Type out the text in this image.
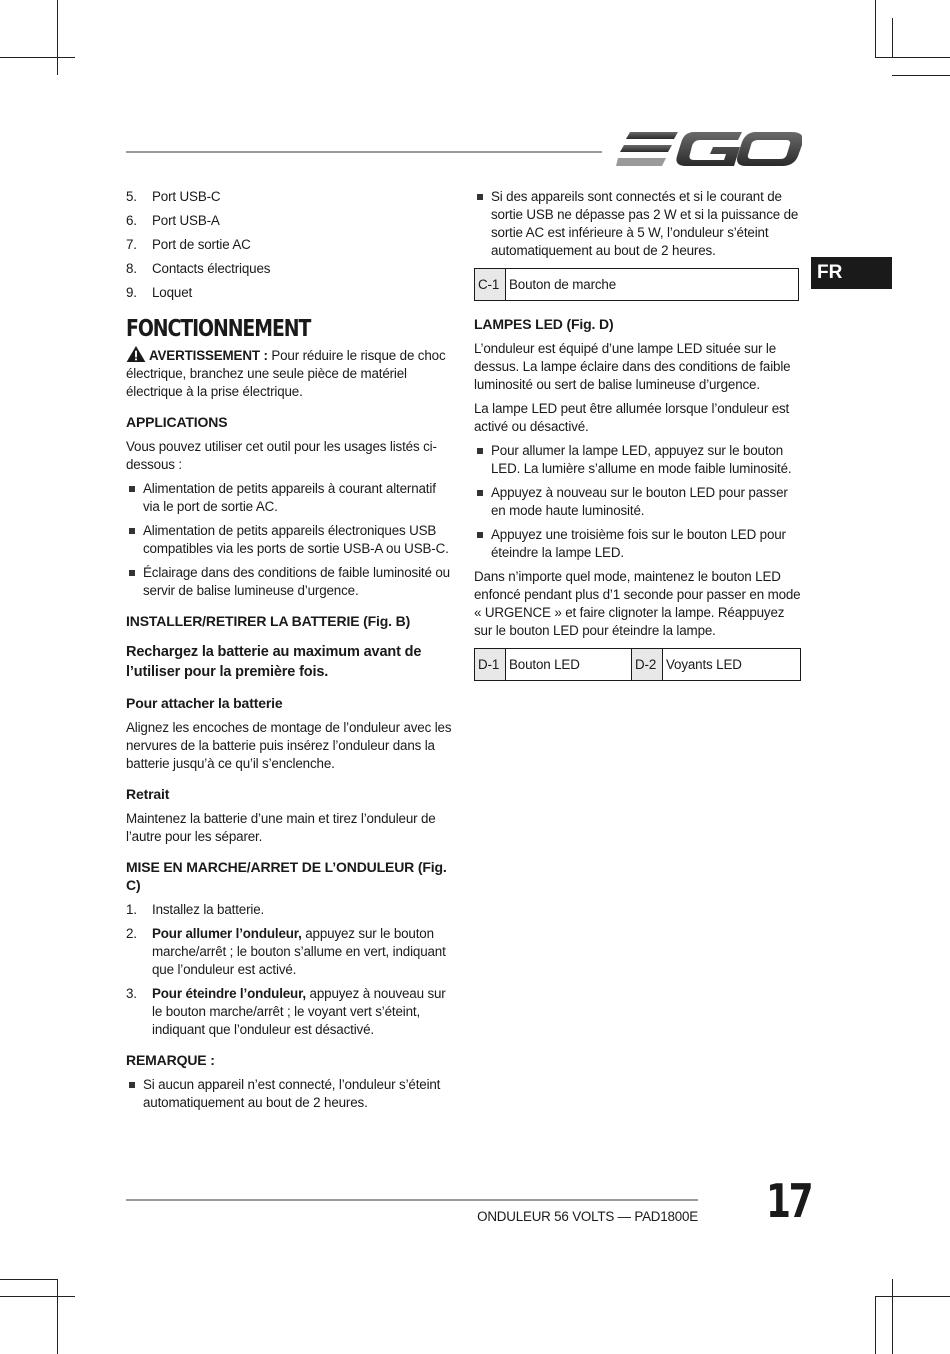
FR
5. Port USB-C
6. Port USB-A
7. Port de sortie AC
8. Contacts électriques
9. Loquet
FONCTIONNEMENT

AVERTISSEMENT : Pour réduire le risque de choc électrique, branchez une seule pièce de matériel électrique à la prise électrique.

APPLICATIONS

Vous pouvez utiliser cet outil pour les usages listés ci-dessous :

Alimentation de petits appareils à courant alternatif via le port de sortie AC.
Alimentation de petits appareils électroniques USB compatibles via les ports de sortie USB-A ou USB-C.
Éclairage dans des conditions de faible luminosité ou servir de balise lumineuse d’urgence.
INSTALLER/RETIRER LA BATTERIE (Fig. B)
Rechargez la batterie au maximum avant de l’utiliser pour la première fois.
Pour attacher la batterie

Alignez les encoches de montage de l’onduleur avec les nervures de la batterie puis insérez l’onduleur dans la batterie jusqu’à ce qu’il s’enclenche.

Retrait

Maintenez la batterie d’une main et tirez l’onduleur de l’autre pour les séparer.

MISE EN MARCHE/ARRET DE L’ONDULEUR (Fig. C)
1. Installez la batterie.
2. Pour allumer l’onduleur, appuyez sur le bouton marche/arrêt ; le bouton s’allume en vert, indiquant que l’onduleur est activé.
3. Pour éteindre l’onduleur, appuyez à nouveau sur le bouton marche/arrêt ; le voyant vert s’éteint, indiquant que l’onduleur est désactivé.
REMARQUE :
Si aucun appareil n’est connecté, l’onduleur s’éteint automatiquement au bout de 2 heures.
Si des appareils sont connectés et si le courant de sortie USB ne dépasse pas 2 W et si la puissance de sortie AC est inférieure à 5 W, l’onduleur s’éteint automatiquement au bout de 2 heures.
C-1	Bouton de marche
LAMPES LED (Fig. D)

L’onduleur est équipé d’une lampe LED située sur le dessus. La lampe éclaire dans des conditions de faible luminosité ou sert de balise lumineuse d’urgence.

La lampe LED peut être allumée lorsque l’onduleur est activé ou désactivé.

Pour allumer la lampe LED, appuyez sur le bouton LED. La lumière s’allume en mode faible luminosité.
Appuyez à nouveau sur le bouton LED pour passer en mode haute luminosité.
Appuyez une troisième fois sur le bouton LED pour éteindre la lampe LED.

Dans n’importe quel mode, maintenez le bouton LED enfoncé pendant plus d’1 seconde pour passer en mode « URGENCE » et faire clignoter la lampe. Réappuyez sur le bouton LED pour éteindre la lampe.

D-1	Bouton LED	D-2	Voyants LED
ONDULEUR 56 VOLTS — PAD1800E 17
